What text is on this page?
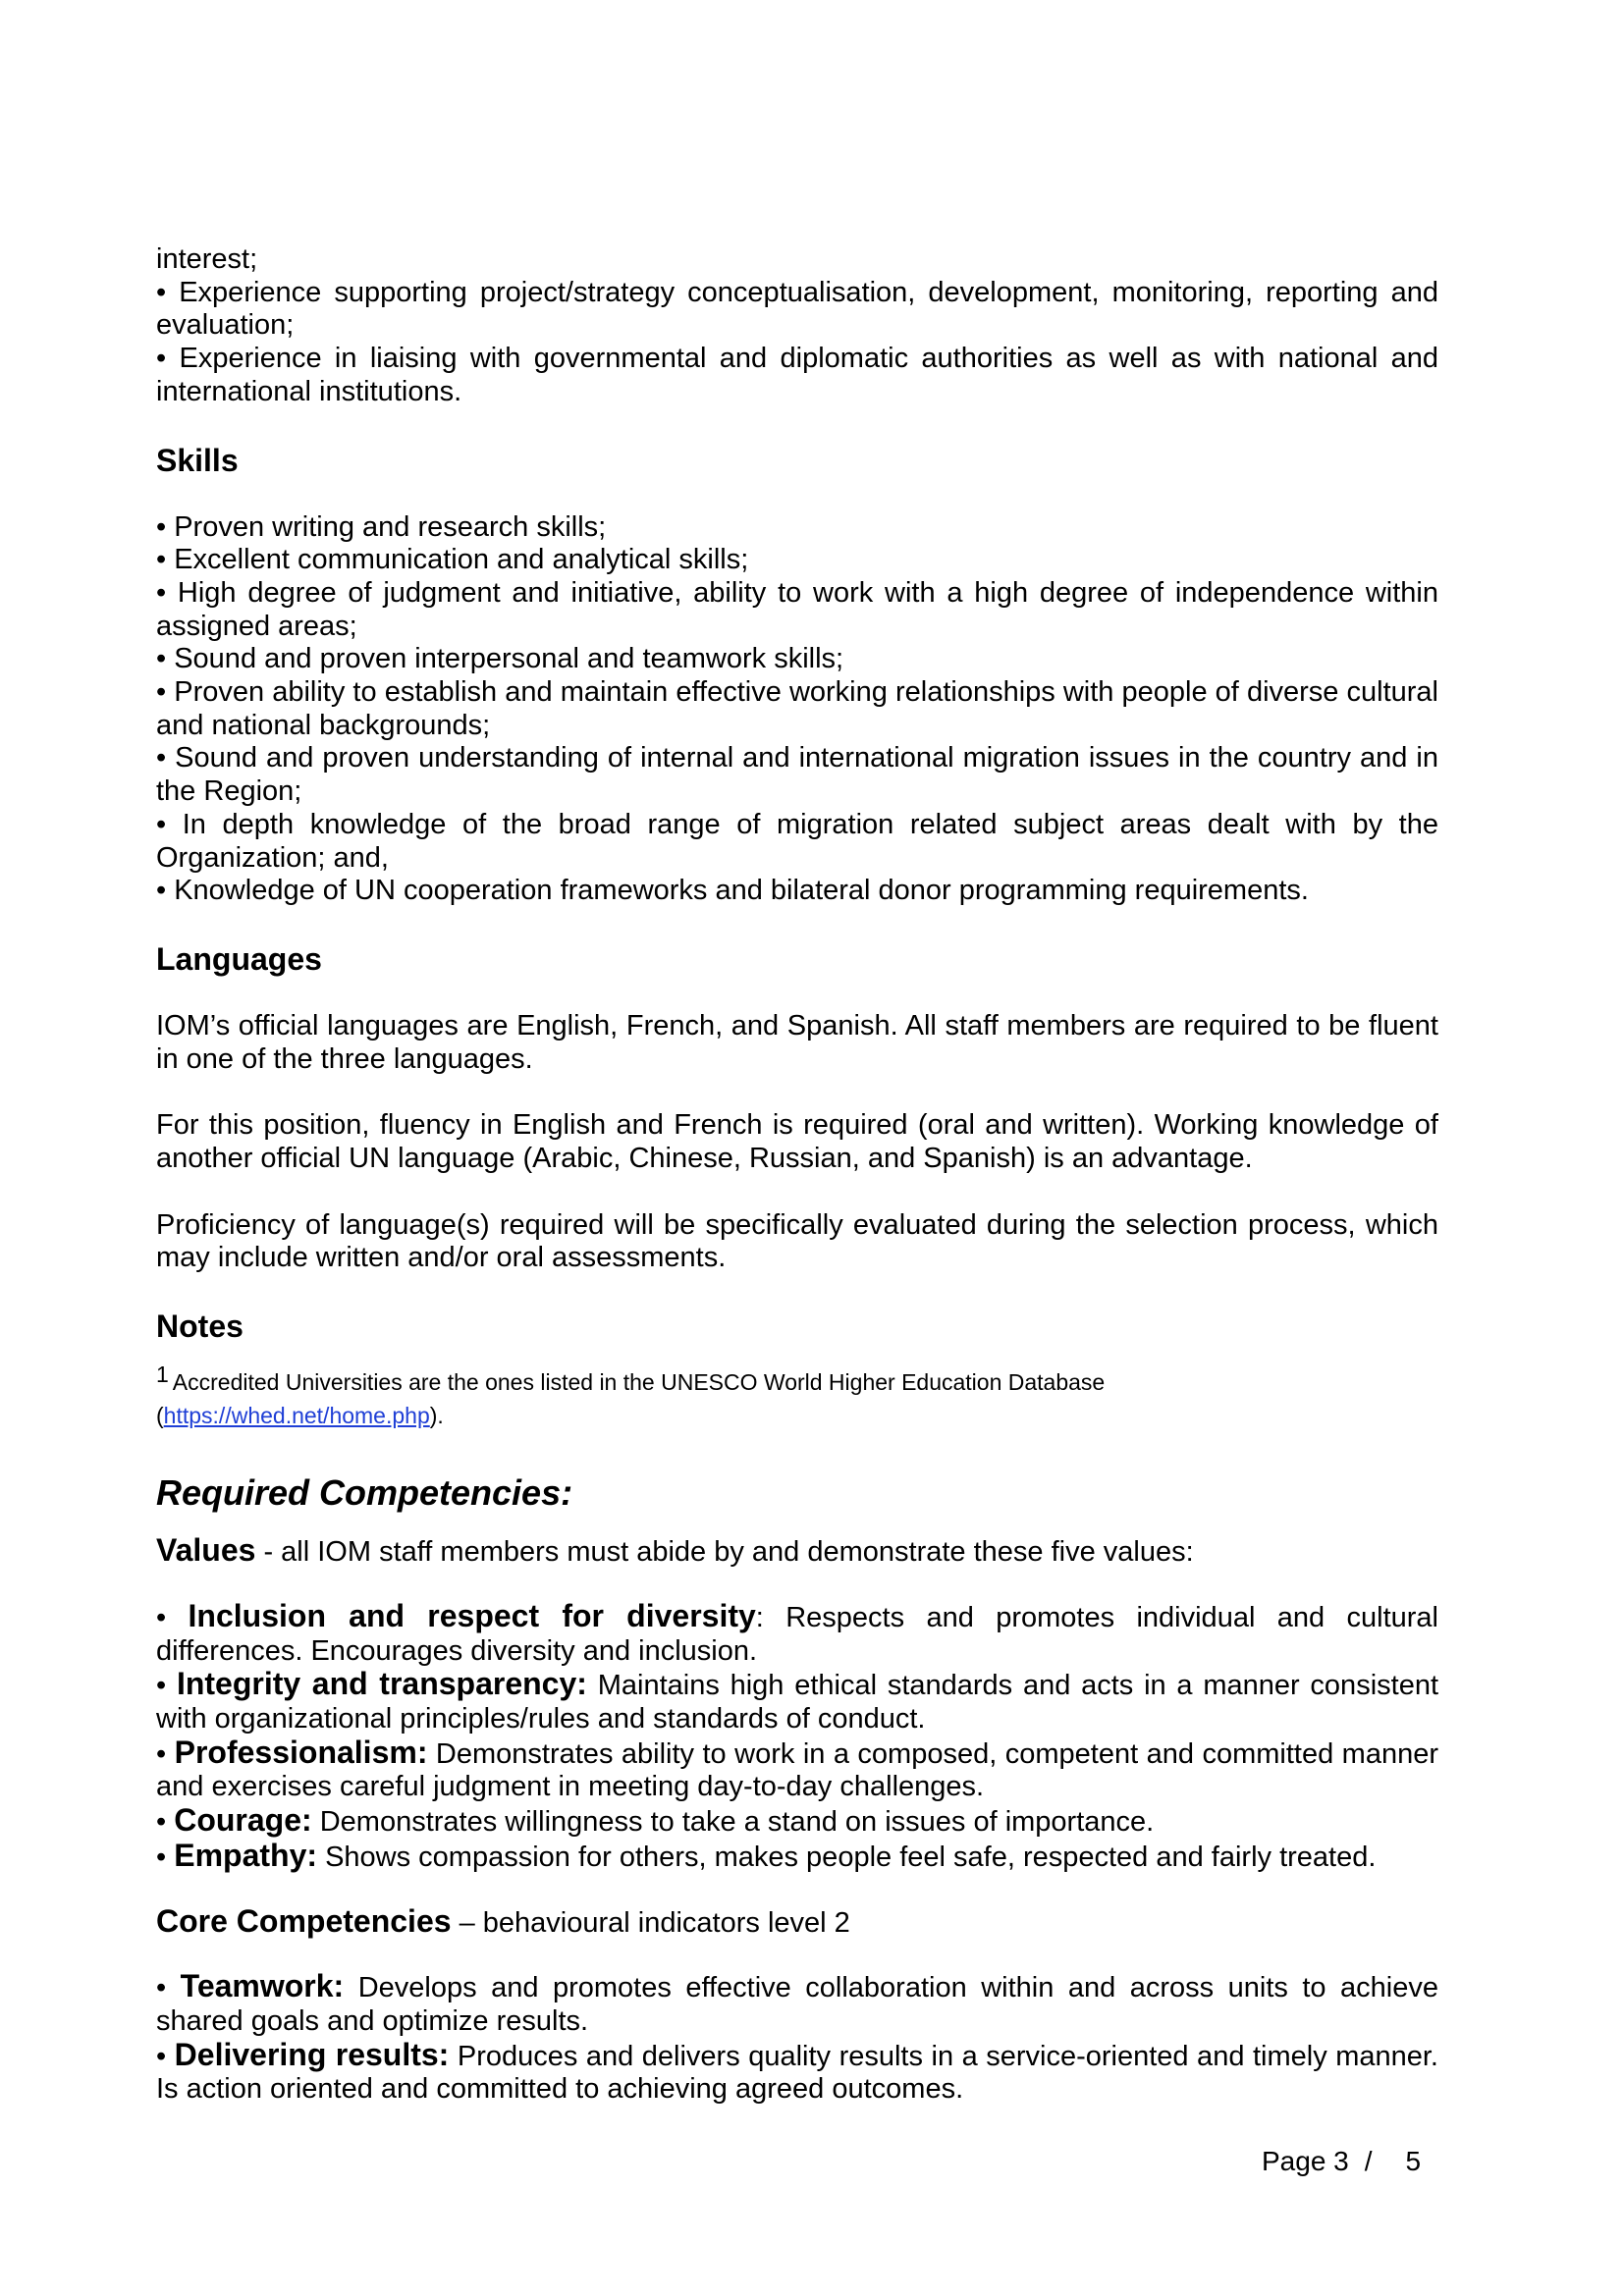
interest;

• Experience supporting project/strategy conceptualisation, development, monitoring, reporting and evaluation;

• Experience in liaising with governmental and diplomatic authorities as well as with national and international institutions.

Skills

• Proven writing and research skills;

• Excellent communication and analytical skills;

• High degree of judgment and initiative, ability to work with a high degree of independence within assigned areas;

• Sound and proven interpersonal and teamwork skills;

• Proven ability to establish and maintain effective working relationships with people of diverse cultural and national backgrounds;

• Sound and proven understanding of internal and international migration issues in the country and in the Region;

• In depth knowledge of the broad range of migration related subject areas dealt with by the Organization; and,

• Knowledge of UN cooperation frameworks and bilateral donor programming requirements.

Languages

IOM’s official languages are English, French, and Spanish. All staff members are required to be fluent in one of the three languages.

For this position, fluency in English and French is required (oral and written). Working knowledge of another official UN language (Arabic, Chinese, Russian, and Spanish) is an advantage.

Proficiency of language(s) required will be specifically evaluated during the selection process, which may include written and/or oral assessments.

Notes

$^1$ Accredited Universities are the ones listed in the UNESCO World Higher Education Database

(https://whed.net/home.php).

Required Competencies:

Values - all IOM staff members must abide by and demonstrate these five values:

• Inclusion and respect for diversity: Respects and promotes individual and cultural differences. Encourages diversity and inclusion.

• Integrity and transparency: Maintains high ethical standards and acts in a manner consistent with organizational principles/rules and standards of conduct.

• Professionalism: Demonstrates ability to work in a composed, competent and committed manner and exercises careful judgment in meeting day-to-day challenges.

• Courage: Demonstrates willingness to take a stand on issues of importance.

• Empathy: Shows compassion for others, makes people feel safe, respected and fairly treated.

Core Competencies – behavioural indicators level 2

• Teamwork: Develops and promotes effective collaboration within and across units to achieve shared goals and optimize results.

• Delivering results: Produces and delivers quality results in a service-oriented and timely manner. Is action oriented and committed to achieving agreed outcomes.

Page 3 / 5
